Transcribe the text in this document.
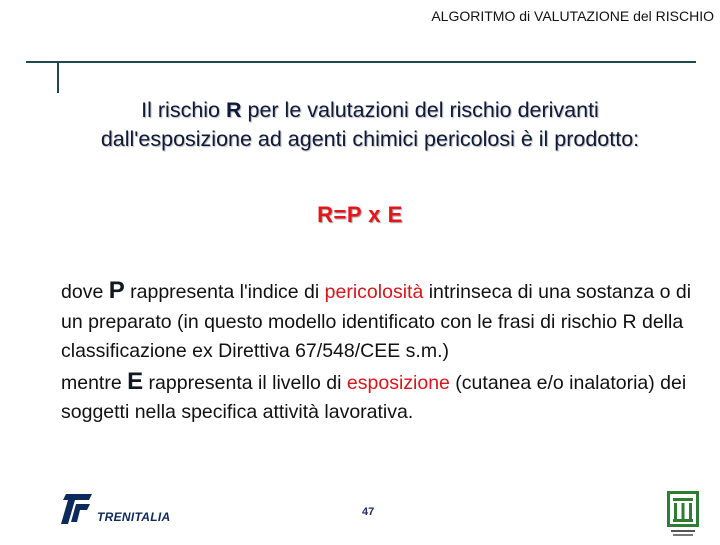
ALGORITMO di VALUTAZIONE del RISCHIO
Il rischio R per le valutazioni del rischio derivanti dall'esposizione ad agenti chimici pericolosi è il prodotto:
R=P x E
dove P rappresenta l'indice di pericolosità intrinseca di una sostanza o di un preparato (in questo modello identificato con le frasi di rischio R della classificazione ex Direttiva 67/548/CEE s.m.)
mentre E rappresenta il livello di esposizione (cutanea e/o inalatoria) dei soggetti nella specifica attività lavorativa.
TRENITALIA	47
